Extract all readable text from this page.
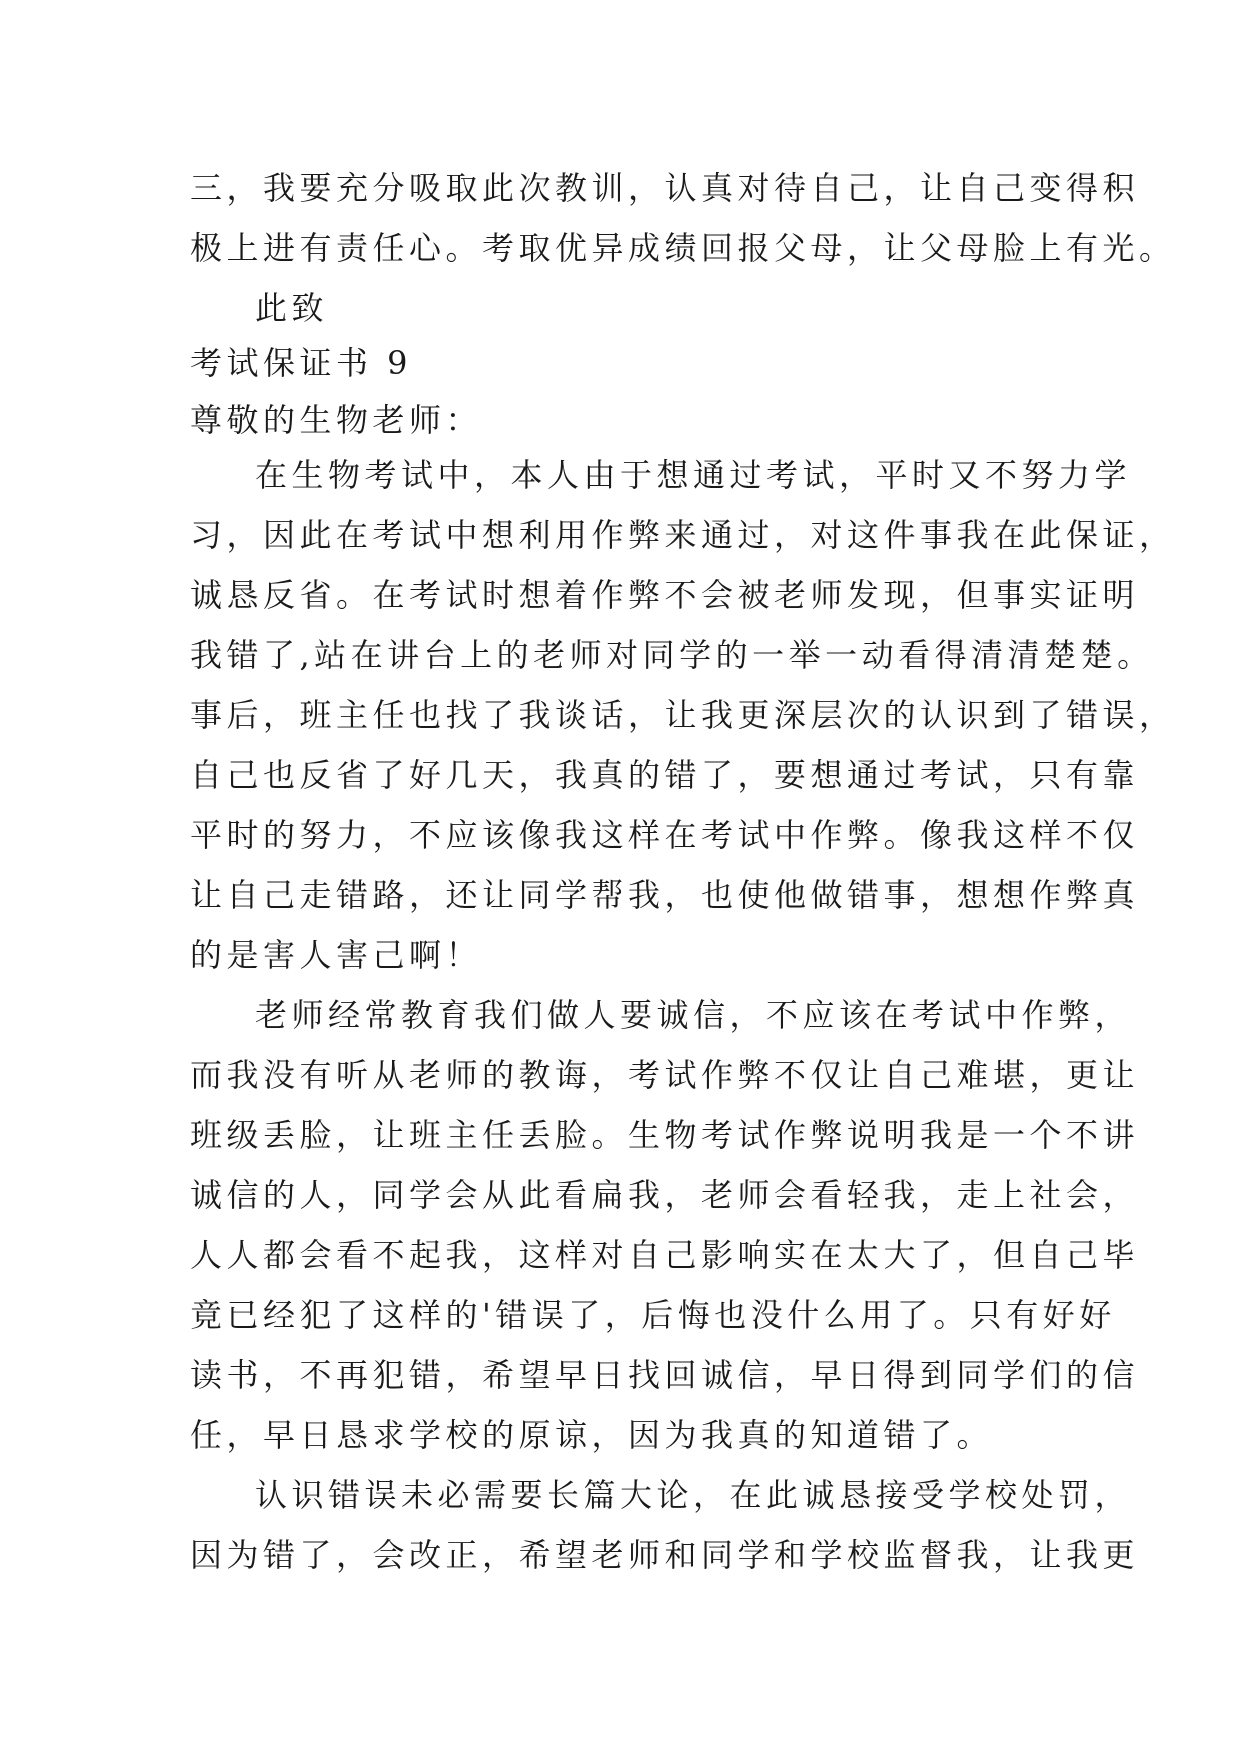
三，我要充分吸取此次教训，认真对待自己，让自己变得积
极上进有责任心。考取优异成绩回报父母，让父母脸上有光。
此致
考试保证书 9
尊敬的生物老师：
在生物考试中，本人由于想通过考试，平时又不努力学
习，因此在考试中想利用作弊来通过，对这件事我在此保证，
诚恳反省。在考试时想着作弊不会被老师发现，但事实证明
我错了,站在讲台上的老师对同学的一举一动看得清清楚楚。
事后，班主任也找了我谈话，让我更深层次的认识到了错误，
自己也反省了好几天，我真的错了，要想通过考试，只有靠
平时的努力，不应该像我这样在考试中作弊。像我这样不仅
让自己走错路，还让同学帮我，也使他做错事，想想作弊真
的是害人害己啊！
老师经常教育我们做人要诚信，不应该在考试中作弊，
而我没有听从老师的教诲，考试作弊不仅让自己难堪，更让
班级丢脸，让班主任丢脸。生物考试作弊说明我是一个不讲
诚信的人，同学会从此看扁我，老师会看轻我，走上社会，
人人都会看不起我，这样对自己影响实在太大了，但自己毕
竟已经犯了这样的'错误了，后悔也没什么用了。只有好好
读书，不再犯错，希望早日找回诚信，早日得到同学们的信
任，早日恳求学校的原谅，因为我真的知道错了。
认识错误未必需要长篇大论，在此诚恳接受学校处罚，
因为错了，会改正，希望老师和同学和学校监督我，让我更
